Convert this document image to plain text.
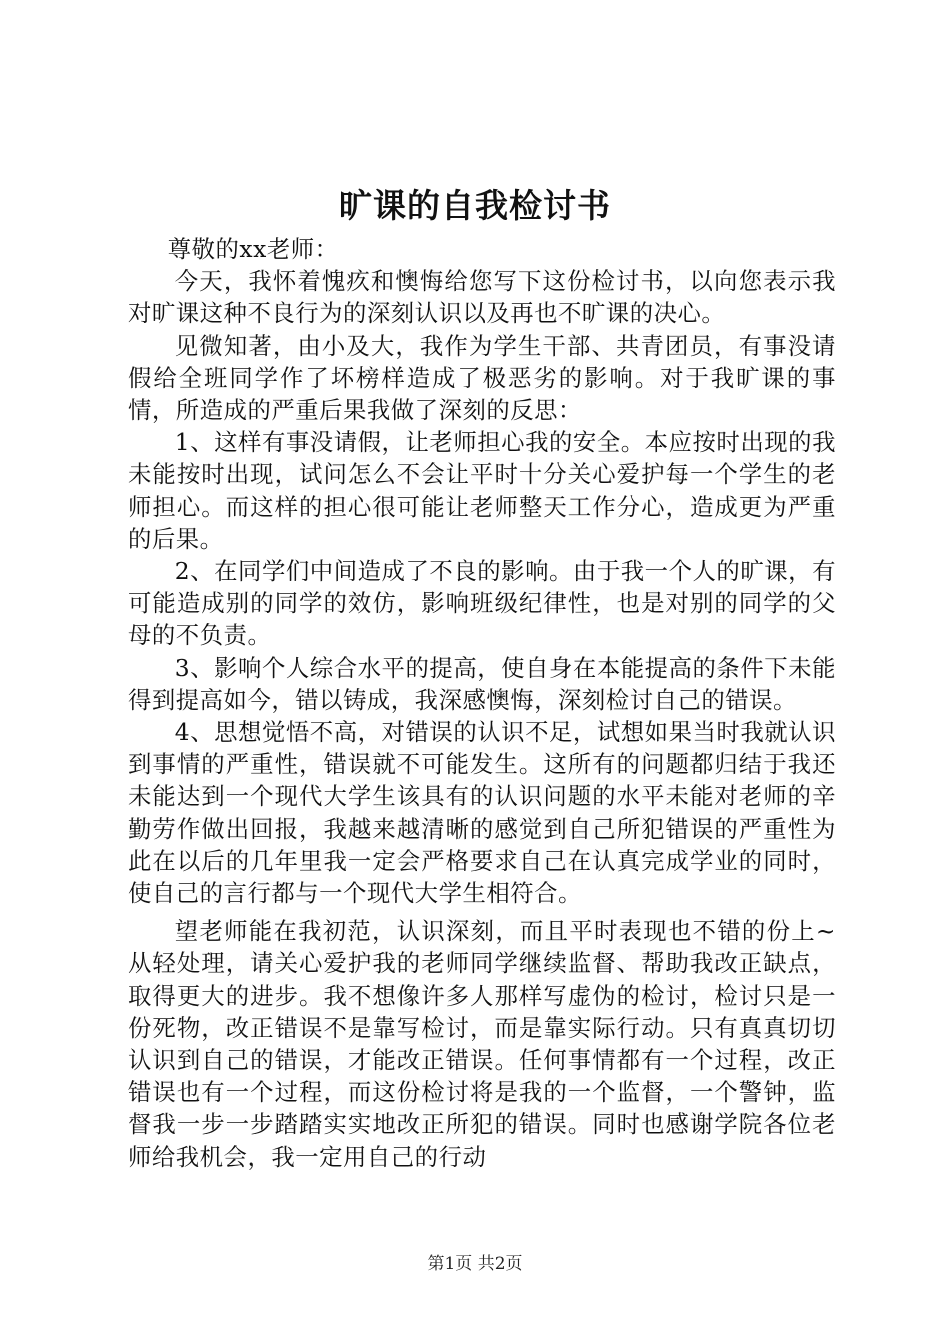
旷课的自我检讨书

尊敬的xx老师：

今天，我怀着愧疚和懊悔给您写下这份检讨书，以向您表示我对旷课这种不良行为的深刻认识以及再也不旷课的决心。

见微知著，由小及大，我作为学生干部、共青团员，有事没请假给全班同学作了坏榜样造成了极恶劣的影响。对于我旷课的事情，所造成的严重后果我做了深刻的反思：

1、这样有事没请假，让老师担心我的安全。本应按时出现的我未能按时出现，试问怎么不会让平时十分关心爱护每一个学生的老师担心。而这样的担心很可能让老师整天工作分心，造成更为严重的后果。

2、在同学们中间造成了不良的影响。由于我一个人的旷课，有可能造成别的同学的效仿，影响班级纪律性，也是对别的同学的父母的不负责。

3、影响个人综合水平的提高，使自身在本能提高的条件下未能得到提高如今，错以铸成，我深感懊悔，深刻检讨自己的错误。

4、思想觉悟不高，对错误的认识不足，试想如果当时我就认识到事情的严重性，错误就不可能发生。这所有的问题都归结于我还未能达到一个现代大学生该具有的认识问题的水平未能对老师的辛勤劳作做出回报，我越来越清晰的感觉到自己所犯错误的严重性为此在以后的几年里我一定会严格要求自己在认真完成学业的同时，使自己的言行都与一个现代大学生相符合。

望老师能在我初范，认识深刻，而且平时表现也不错的份上~从轻处理，请关心爱护我的老师同学继续监督、帮助我改正缺点，取得更大的进步。我不想像许多人那样写虚伪的检讨，检讨只是一份死物，改正错误不是靠写检讨，而是靠实际行动。只有真真切切认识到自己的错误，才能改正错误。任何事情都有一个过程，改正错误也有一个过程，而这份检讨将是我的一个监督，一个警钟，监督我一步一步踏踏实实地改正所犯的错误。同时也感谢学院各位老师给我机会，我一定用自己的行动

第1页 共2页
